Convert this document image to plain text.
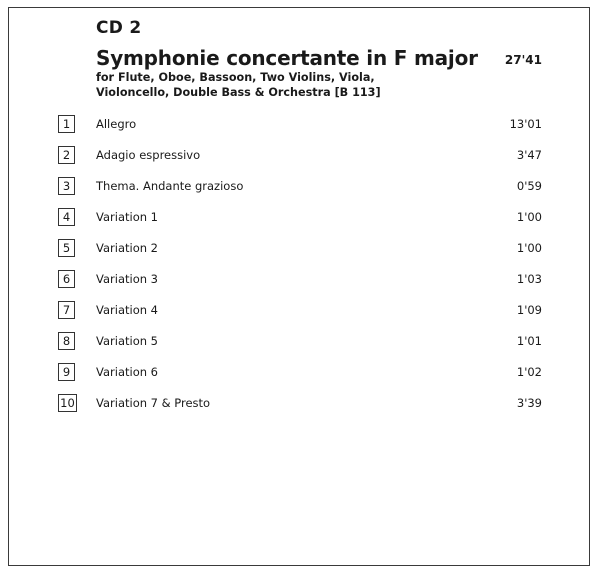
CD 2
Symphonie concertante in F major 27'41
for Flute, Oboe, Bassoon, Two Violins, Viola,
Violoncello, Double Bass & Orchestra [B 113]
1	Allegro	13'01
2	Adagio espressivo	3'47
3	Thema. Andante grazioso	0'59
4	Variation 1	1'00
5	Variation 2	1'00
6	Variation 3	1'03
7	Variation 4	1'09
8	Variation 5	1'01
9	Variation 6	1'02
10 Variation 7 & Presto	3'39
